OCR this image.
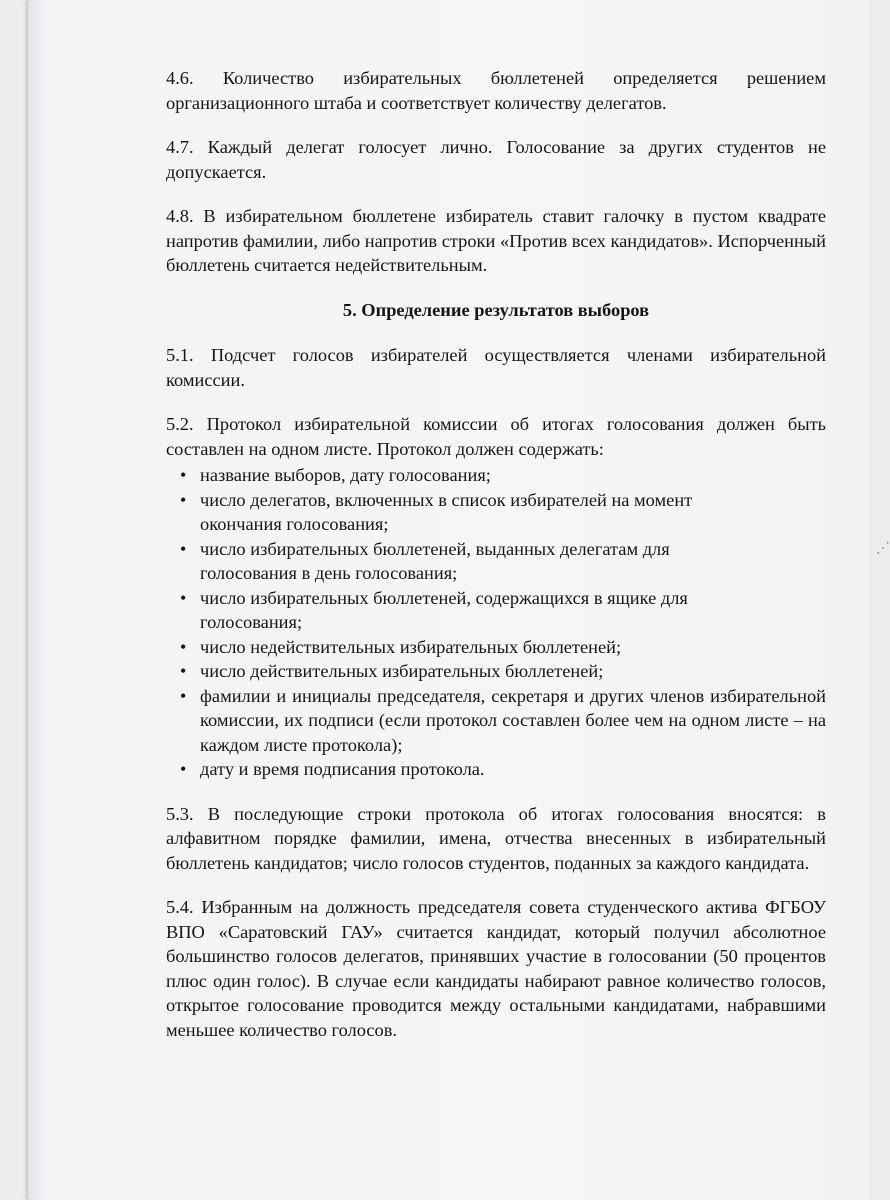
⋰

4.6. Количество избирательных бюллетеней определяется решением организационного штаба и соответствует количеству делегатов.

4.7. Каждый делегат голосует лично. Голосование за других студентов не допускается.

4.8. В избирательном бюллетене избиратель ставит галочку в пустом квадрате напротив фамилии, либо напротив строки «Против всех кандидатов». Испорченный бюллетень считается недействительным.

5. Определение результатов выборов

5.1. Подсчет голосов избирателей осуществляется членами избирательной комиссии.

5.2. Протокол избирательной комиссии об итогах голосования должен быть составлен на одном листе. Протокол должен содержать:

• название выборов, дату голосования;
• число делегатов, включенных в список избирателей на момент окончания голосования;
• число избирательных бюллетеней, выданных делегатам для голосования в день голосования;
• число избирательных бюллетеней, содержащихся в ящике для голосования;
• число недействительных избирательных бюллетеней;
• число действительных избирательных бюллетеней;
• фамилии и инициалы председателя, секретаря и других членов избирательной комиссии, их подписи (если протокол составлен более чем на одном листе – на каждом листе протокола);
• дату и время подписания протокола.

5.3. В последующие строки протокола об итогах голосования вносятся: в алфавитном порядке фамилии, имена, отчества внесенных в избирательный бюллетень кандидатов; число голосов студентов, поданных за каждого кандидата.

5.4. Избранным на должность председателя совета студенческого актива ФГБОУ ВПО «Саратовский ГАУ» считается кандидат, который получил абсолютное большинство голосов делегатов, принявших участие в голосовании (50 процентов плюс один голос). В случае если кандидаты набирают равное количество голосов, открытое голосование проводится между остальными кандидатами, набравшими меньшее количество голосов.
